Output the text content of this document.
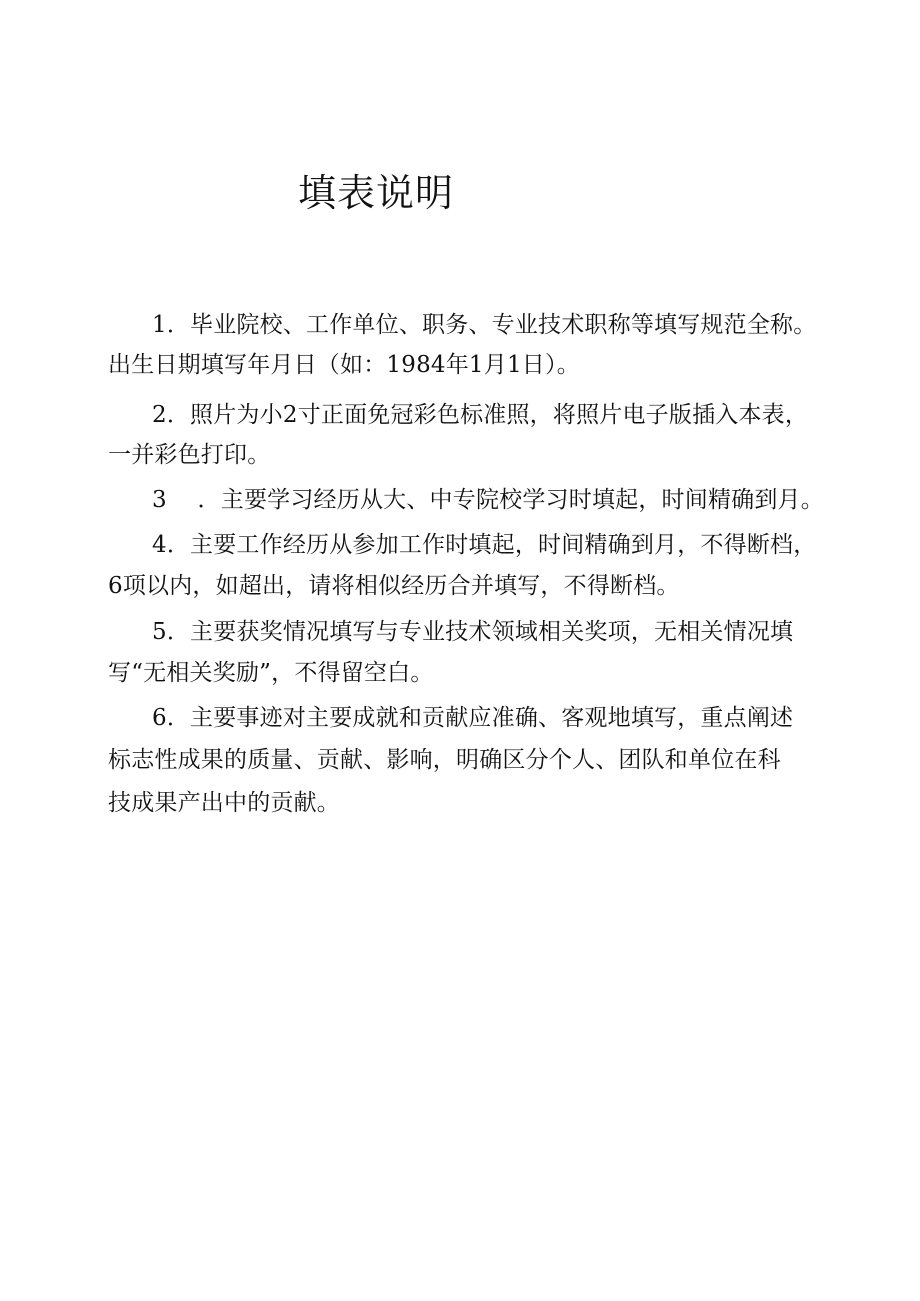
填表说明
1．毕业院校、工作单位、职务、专业技术职称等填写规范全称。
出生日期填写年月日（如：1984年1月1日）。
2．照片为小2寸正面免冠彩色标准照，将照片电子版插入本表，
一并彩色打印。
3　 ．主要学习经历从大、中专院校学习时填起，时间精确到月。
4．主要工作经历从参加工作时填起，时间精确到月，不得断档，
6项以内，如超出，请将相似经历合并填写，不得断档。
5．主要获奖情况填写与专业技术领域相关奖项，无相关情况填
写“无相关奖励”，不得留空白。
6．主要事迹对主要成就和贡献应准确、客观地填写，重点阐述
标志性成果的质量、贡献、影响，明确区分个人、团队和单位在科
技成果产出中的贡献。
